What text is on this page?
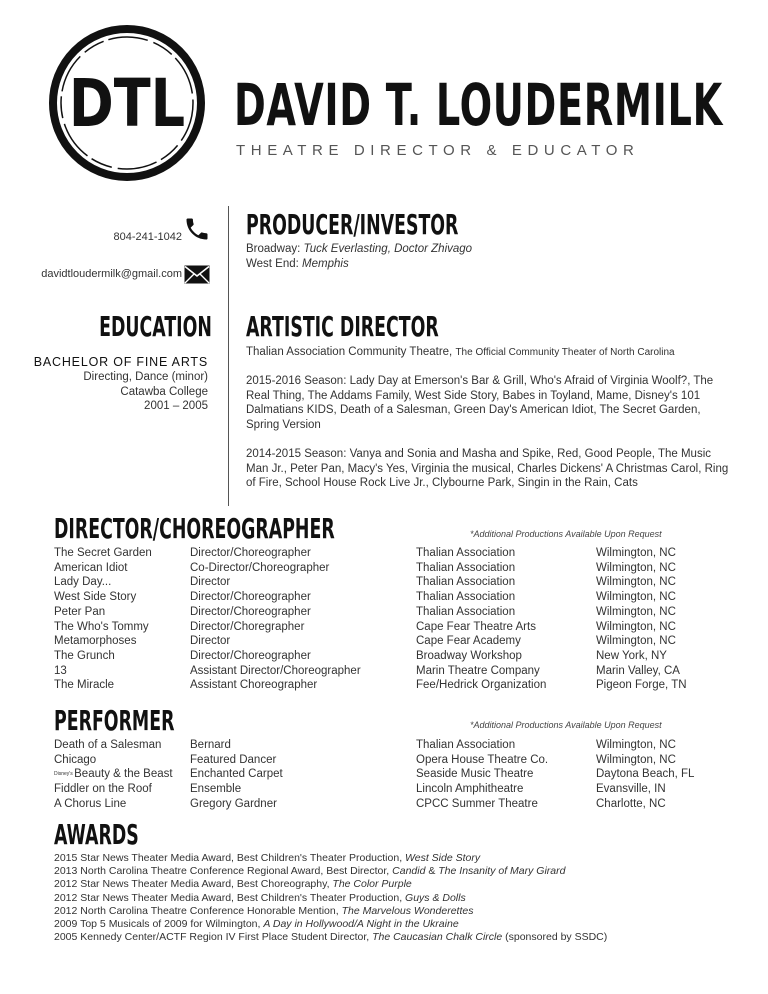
DTL DAVID T. LOUDERMILK
THEATRE DIRECTOR & EDUCATOR
804-241-1042
davidtloudermilk@gmail.com
PRODUCER/INVESTOR
Broadway: Tuck Everlasting, Doctor Zhivago
West End: Memphis
EDUCATION
BACHELOR OF FINE ARTS
Directing, Dance (minor)
Catawba College
2001 – 2005
ARTISTIC DIRECTOR
Thalian Association Community Theatre, The Official Community Theater of North Carolina
2015-2016 Season: Lady Day at Emerson's Bar & Grill, Who's Afraid of Virginia Woolf?, The Real Thing, The Addams Family, West Side Story, Babes in Toyland, Mame, Disney's 101 Dalmatians KIDS, Death of a Salesman, Green Day's American Idiot, The Secret Garden, Spring Version
2014-2015 Season: Vanya and Sonia and Masha and Spike, Red, Good People, The Music Man Jr., Peter Pan, Macy's Yes, Virginia the musical, Charles Dickens' A Christmas Carol, Ring of Fire, School House Rock Live Jr., Clybourne Park, Singin in the Rain, Cats
DIRECTOR/CHOREOGRAPHER	*Additional Productions Available Upon Request
The Secret Garden	Director/Choreographer	Thalian Association	Wilmington, NC
American Idiot	Co-Director/Choreographer	Thalian Association	Wilmington, NC
Lady Day...	Director	Thalian Association	Wilmington, NC
West Side Story	Director/Choreographer	Thalian Association	Wilmington, NC
Peter Pan	Director/Choreographer	Thalian Association	Wilmington, NC
The Who's Tommy	Director/Choregrapher	Cape Fear Theatre Arts	Wilmington, NC
Metamorphoses	Director	Cape Fear Academy	Wilmington, NC
The Grunch	Director/Choreographer	Broadway Workshop	New York, NY
13	Assistant Director/Choreographer	Marin Theatre Company	Marin Valley, CA
The Miracle	Assistant Choreographer	Fee/Hedrick Organization	Pigeon Forge, TN
PERFORMER	*Additional Productions Available Upon Request
Death of a Salesman	Bernard	Thalian Association	Wilmington, NC
Chicago	Featured Dancer	Opera House Theatre Co.	Wilmington, NC
$^{Disney's}$ Beauty & the Beast	Enchanted Carpet	Seaside Music Theatre	Daytona Beach, FL
Fiddler on the Roof	Ensemble	Lincoln Amphitheatre	Evansville, IN
A Chorus Line	Gregory Gardner	CPCC Summer Theatre	Charlotte, NC
AWARDS
2015 Star News Theater Media Award, Best Children's Theater Production, West Side Story
2013 North Carolina Theatre Conference Regional Award, Best Director, Candid & The Insanity of Mary Girard
2012 Star News Theater Media Award, Best Choreography, The Color Purple
2012 Star News Theater Media Award, Best Children's Theater Production, Guys & Dolls
2012 North Carolina Theatre Conference Honorable Mention, The Marvelous Wonderettes
2009 Top 5 Musicals of 2009 for Wilmington, A Day in Hollywood/A Night in the Ukraine
2005 Kennedy Center/ACTF Region IV First Place Student Director, The Caucasian Chalk Circle (sponsored by SSDC)
